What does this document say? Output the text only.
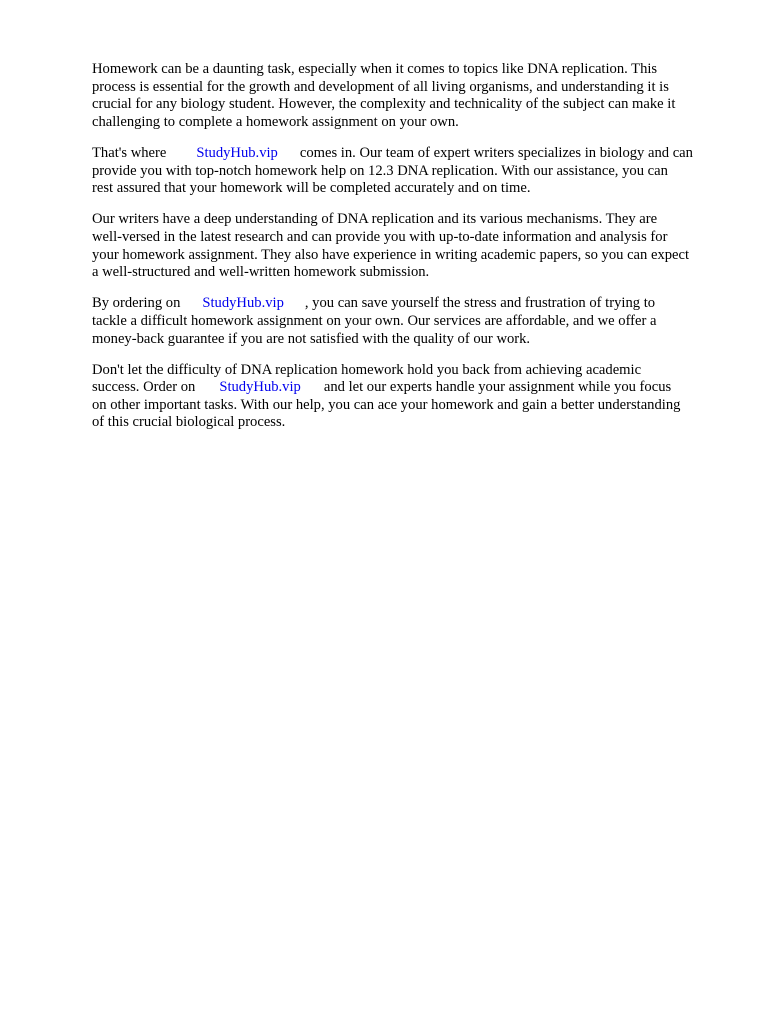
Homework can be a daunting task, especially when it comes to topics like DNA replication. This
process is essential for the growth and development of all living organisms, and understanding it is
crucial for any biology student. However, the complexity and technicality of the subject can make it
challenging to complete a homework assignment on your own.

That's where StudyHub.vip comes in. Our team of expert writers specializes in biology and can
provide you with top-notch homework help on 12.3 DNA replication. With our assistance, you can
rest assured that your homework will be completed accurately and on time.

Our writers have a deep understanding of DNA replication and its various mechanisms. They are
well-versed in the latest research and can provide you with up-to-date information and analysis for
your homework assignment. They also have experience in writing academic papers, so you can expect
a well-structured and well-written homework submission.

By ordering on StudyHub.vip , you can save yourself the stress and frustration of trying to
tackle a difficult homework assignment on your own. Our services are affordable, and we offer a
money-back guarantee if you are not satisfied with the quality of our work.

Don't let the difficulty of DNA replication homework hold you back from achieving academic
success. Order on StudyHub.vip and let our experts handle your assignment while you focus
on other important tasks. With our help, you can ace your homework and gain a better understanding
of this crucial biological process.
